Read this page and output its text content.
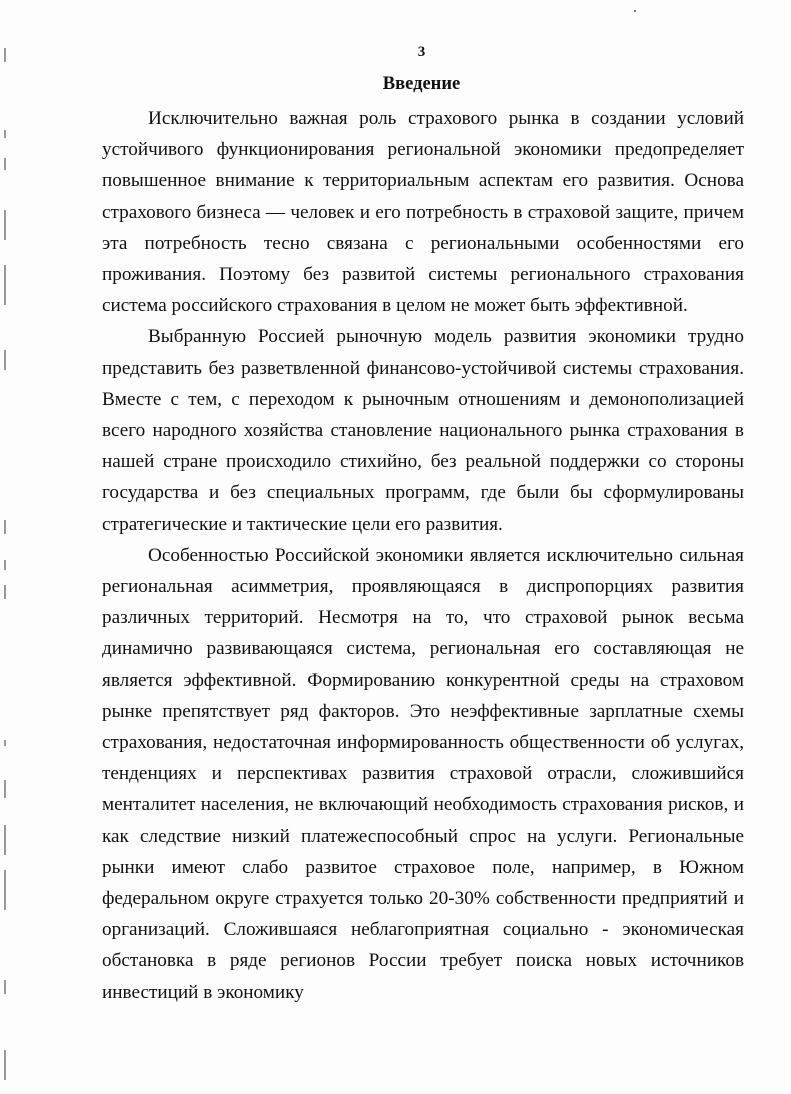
3
Введение

Исключительно важная роль страхового рынка в создании условий устойчивого функционирования региональной экономики предопределяет повышенное внимание к территориальным аспектам его развития. Основа страхового бизнеса — человек и его потребность в страховой защите, причем эта потребность тесно связана с региональными особенностями его проживания. Поэтому без развитой системы регионального страхования система российского страхования в целом не может быть эффективной.

Выбранную Россией рыночную модель развития экономики трудно представить без разветвленной финансово-устойчивой системы страхования. Вместе с тем, с переходом к рыночным отношениям и демонополизацией всего народного хозяйства становление национального рынка страхования в нашей стране происходило стихийно, без реальной поддержки со стороны государства и без специальных программ, где были бы сформулированы стратегические и тактические цели его развития.

Особенностью Российской экономики является исключительно сильная региональная асимметрия, проявляющаяся в диспропорциях развития различных территорий. Несмотря на то, что страховой рынок весьма динамично развивающаяся система, региональная его составляющая не является эффективной. Формированию конкурентной среды на страховом рынке препятствует ряд факторов. Это неэффективные зарплатные схемы страхования, недостаточная информированность общественности об услугах, тенденциях и перспективах развития страховой отрасли, сложившийся менталитет населения, не включающий необходимость страхования рисков, и как следствие низкий платежеспособный спрос на услуги. Региональные рынки имеют слабо развитое страховое поле, например, в Южном федеральном округе страхуется только 20-30% собственности предприятий и организаций. Сложившаяся неблагоприятная социально - экономическая обстановка в ряде регионов России требует поиска новых источников инвестиций в экономику
